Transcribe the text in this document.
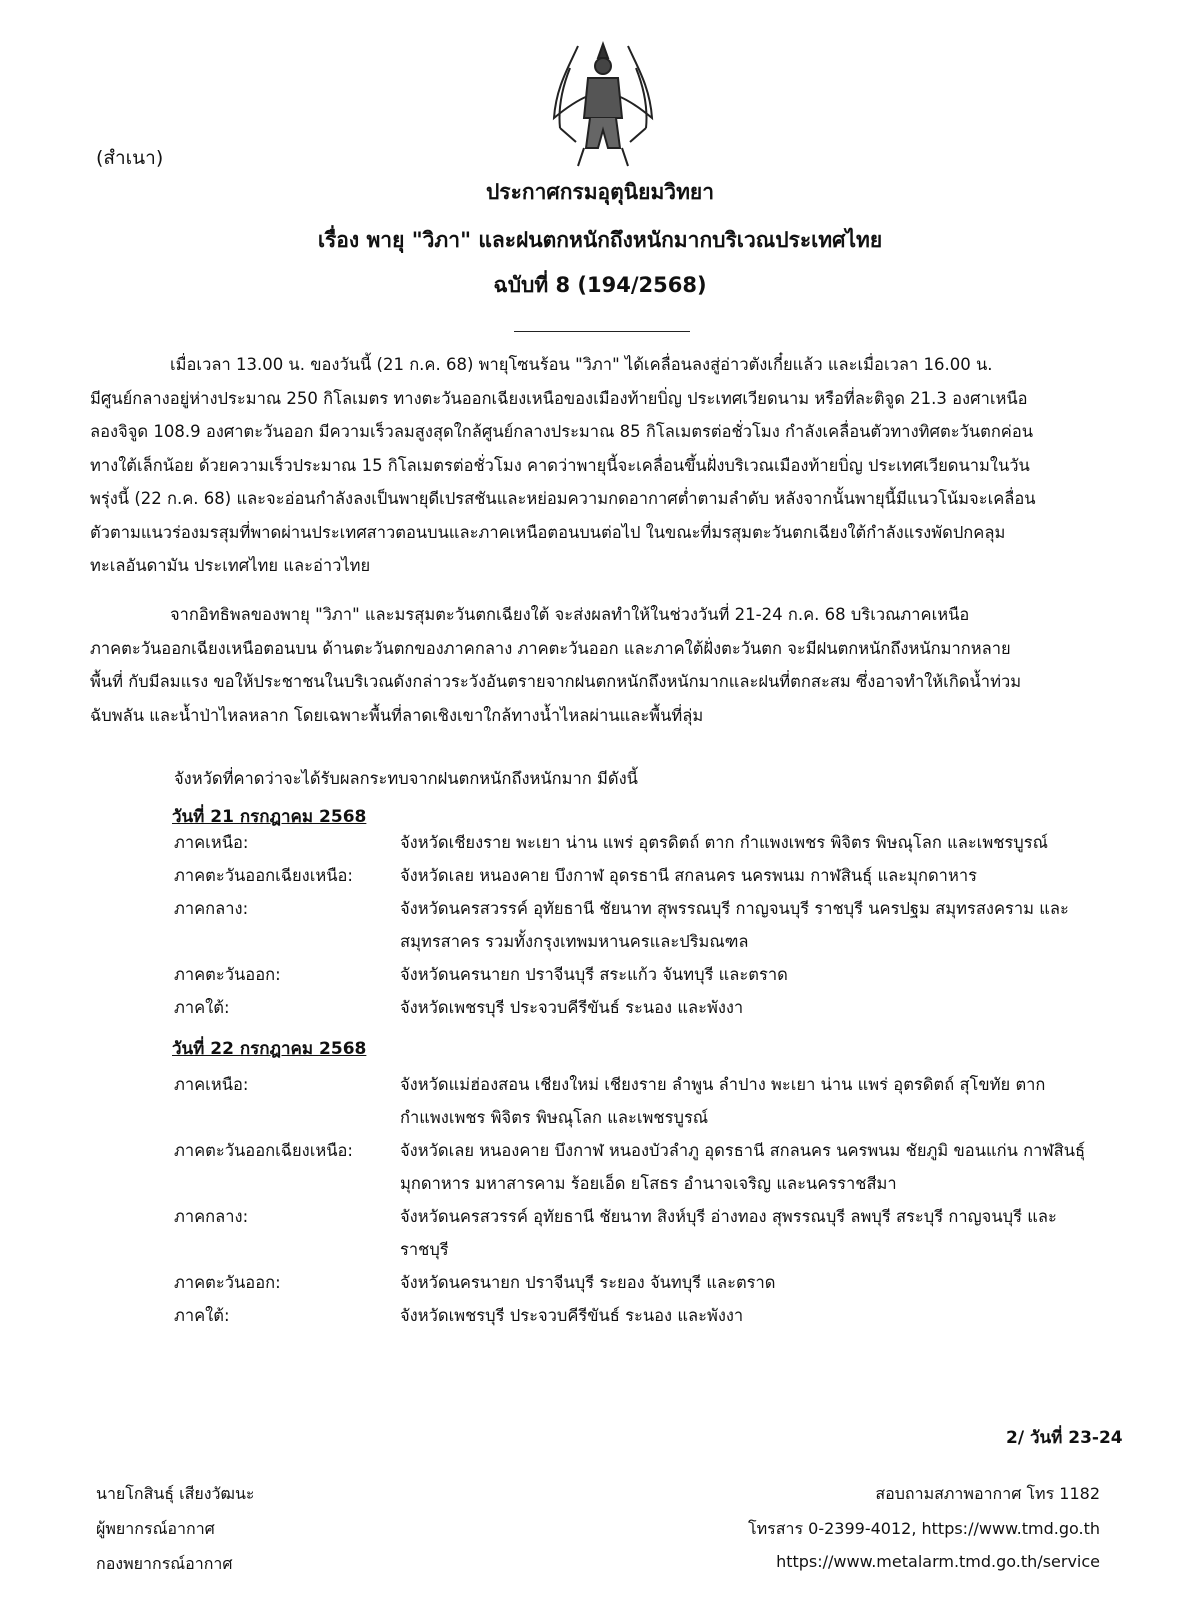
(สำเนา)
ประกาศกรมอุตุนิยมวิทยา
เรื่อง พายุ "วิภา" และฝนตกหนักถึงหนักมากบริเวณประเทศไทย
ฉบับที่ 8 (194/2568)
เมื่อเวลา 13.00 น. ของวันนี้ (21 ก.ค. 68) พายุโซนร้อน "วิภา" ได้เคลื่อนลงสู่อ่าวตังเกี๋ยแล้ว และเมื่อเวลา 16.00 น.
มีศูนย์กลางอยู่ห่างประมาณ 250 กิโลเมตร ทางตะวันออกเฉียงเหนือของเมืองท้ายบิ่ญ ประเทศเวียดนาม หรือที่ละติจูด 21.3 องศาเหนือ
ลองจิจูด 108.9 องศาตะวันออก มีความเร็วลมสูงสุดใกล้ศูนย์กลางประมาณ 85 กิโลเมตรต่อชั่วโมง กำลังเคลื่อนตัวทางทิศตะวันตกค่อน
ทางใต้เล็กน้อย ด้วยความเร็วประมาณ 15 กิโลเมตรต่อชั่วโมง คาดว่าพายุนี้จะเคลื่อนขึ้นฝั่งบริเวณเมืองท้ายบิ่ญ ประเทศเวียดนามในวัน
พรุ่งนี้ (22 ก.ค. 68) และจะอ่อนกำลังลงเป็นพายุดีเปรสชันและหย่อมความกดอากาศต่ำตามลำดับ หลังจากนั้นพายุนี้มีแนวโน้มจะเคลื่อน
ตัวตามแนวร่องมรสุมที่พาดผ่านประเทศสาวตอนบนและภาคเหนือตอนบนต่อไป ในขณะที่มรสุมตะวันตกเฉียงใต้กำลังแรงพัดปกคลุม
ทะเลอันดามัน ประเทศไทย และอ่าวไทย
จากอิทธิพลของพายุ "วิภา" และมรสุมตะวันตกเฉียงใต้ จะส่งผลทำให้ในช่วงวันที่ 21-24 ก.ค. 68 บริเวณภาคเหนือ
ภาคตะวันออกเฉียงเหนือตอนบน ด้านตะวันตกของภาคกลาง ภาคตะวันออก และภาคใต้ฝั่งตะวันตก จะมีฝนตกหนักถึงหนักมากหลาย
พื้นที่ กับมีลมแรง ขอให้ประชาชนในบริเวณดังกล่าวระวังอันตรายจากฝนตกหนักถึงหนักมากและฝนที่ตกสะสม ซึ่งอาจทำให้เกิดน้ำท่วม
ฉับพลัน และน้ำป่าไหลหลาก โดยเฉพาะพื้นที่ลาดเชิงเขาใกล้ทางน้ำไหลผ่านและพื้นที่ลุ่ม
จังหวัดที่คาดว่าจะได้รับผลกระทบจากฝนตกหนักถึงหนักมาก มีดังนี้
วันที่ 21 กรกฎาคม 2568
ภาคเหนือ:	จังหวัดเชียงราย พะเยา น่าน แพร่ อุตรดิตถ์ ตาก กำแพงเพชร พิจิตร พิษณุโลก และเพชรบูรณ์
ภาคตะวันออกเฉียงเหนือ:	จังหวัดเลย หนองคาย บึงกาฬ อุดรธานี สกลนคร นครพนม กาฬสินธุ์ และมุกดาหาร
ภาคกลาง:	จังหวัดนครสวรรค์ อุทัยธานี ชัยนาท สุพรรณบุรี กาญจนบุรี ราชบุรี นครปฐม สมุทรสงคราม และสมุทรสาคร รวมทั้งกรุงเทพมหานครและปริมณฑล
ภาคตะวันออก:	จังหวัดนครนายก ปราจีนบุรี สระแก้ว จันทบุรี และตราด
ภาคใต้:	จังหวัดเพชรบุรี ประจวบคีรีขันธ์ ระนอง และพังงา
วันที่ 22 กรกฎาคม 2568
ภาคเหนือ:	จังหวัดแม่ฮ่องสอน เชียงใหม่ เชียงราย ลำพูน ลำปาง พะเยา น่าน แพร่ อุตรดิตถ์ สุโขทัย ตาก กำแพงเพชร พิจิตร พิษณุโลก และเพชรบูรณ์
ภาคตะวันออกเฉียงเหนือ:	จังหวัดเลย หนองคาย บึงกาฬ หนองบัวลำภู อุดรธานี สกลนคร นครพนม ชัยภูมิ ขอนแก่น กาฬสินธุ์ มุกดาหาร มหาสารคาม ร้อยเอ็ด ยโสธร อำนาจเจริญ และนครราชสีมา
ภาคกลาง:	จังหวัดนครสวรรค์ อุทัยธานี ชัยนาท สิงห์บุรี อ่างทอง สุพรรณบุรี ลพบุรี สระบุรี กาญจนบุรี และราชบุรี
ภาคตะวันออก:	จังหวัดนครนายก ปราจีนบุรี ระยอง จันทบุรี และตราด
ภาคใต้:	จังหวัดเพชรบุรี ประจวบคีรีขันธ์ ระนอง และพังงา
2/ วันที่ 23-24
นายโกสินธุ์ เสียงวัฒนะ
ผู้พยากรณ์อากาศ
กองพยากรณ์อากาศ
สอบถามสภาพอากาศ โทร 1182
โทรสาร 0-2399-4012, https://www.tmd.go.th
https://www.metalarm.tmd.go.th/service
